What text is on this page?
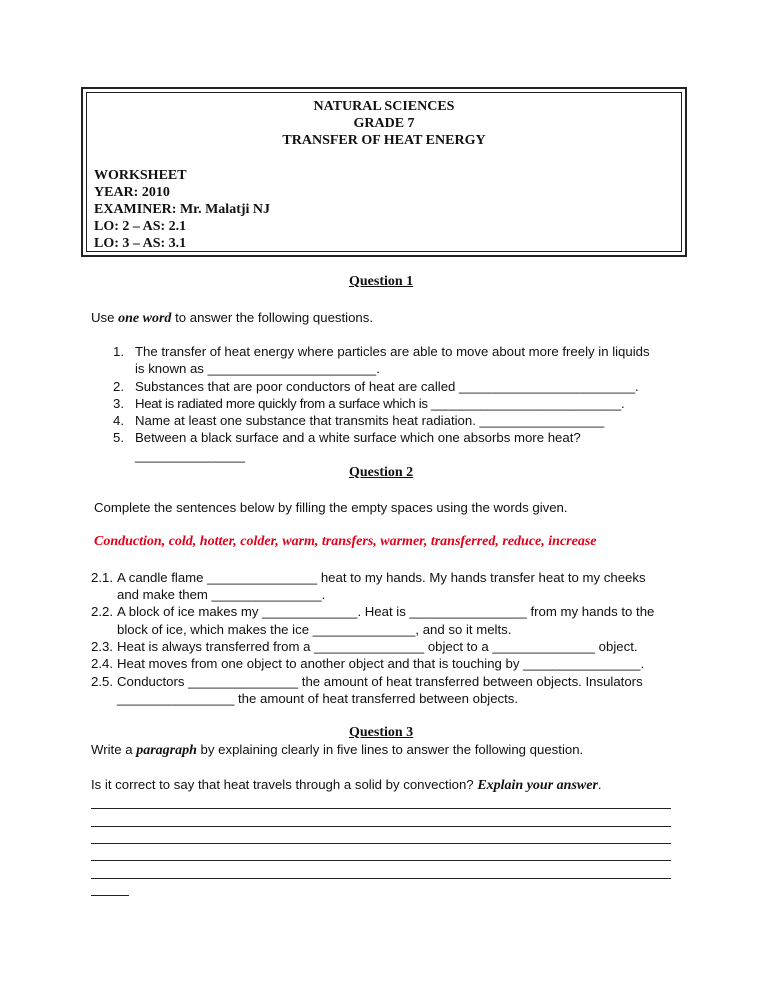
NATURAL SCIENCES
GRADE 7
TRANSFER OF HEAT ENERGY
WORKSHEET
YEAR: 2010
EXAMINER: Mr. Malatji NJ
LO: 2 – AS: 2.1
LO: 3 – AS: 3.1
Question 1
Use one word to answer the following questions.
1. The transfer of heat energy where particles are able to move about more freely in liquids
is known as _______________________.
2. Substances that are poor conductors of heat are called ________________________.
3. Heat is radiated more quickly from a surface which is ___________________________.
4. Name at least one substance that transmits heat radiation. _________________
5. Between a black surface and a white surface which one absorbs more heat?
_______________
Question 2
Complete the sentences below by filling the empty spaces using the words given.
Conduction, cold, hotter, colder, warm, transfers, warmer, transferred, reduce, increase
2.1. A candle flame _______________ heat to my hands. My hands transfer heat to my cheeks
and make them _______________.
2.2. A block of ice makes my _____________. Heat is ________________ from my hands to the
block of ice, which makes the ice ______________, and so it melts.
2.3. Heat is always transferred from a _______________ object to a ______________ object.
2.4. Heat moves from one object to another object and that is touching by ________________.
2.5. Conductors _______________ the amount of heat transferred between objects. Insulators
________________ the amount of heat transferred between objects.
Question 3
Write a paragraph by explaining clearly in five lines to answer the following question.
Is it correct to say that heat travels through a solid by convection? Explain your answer.
